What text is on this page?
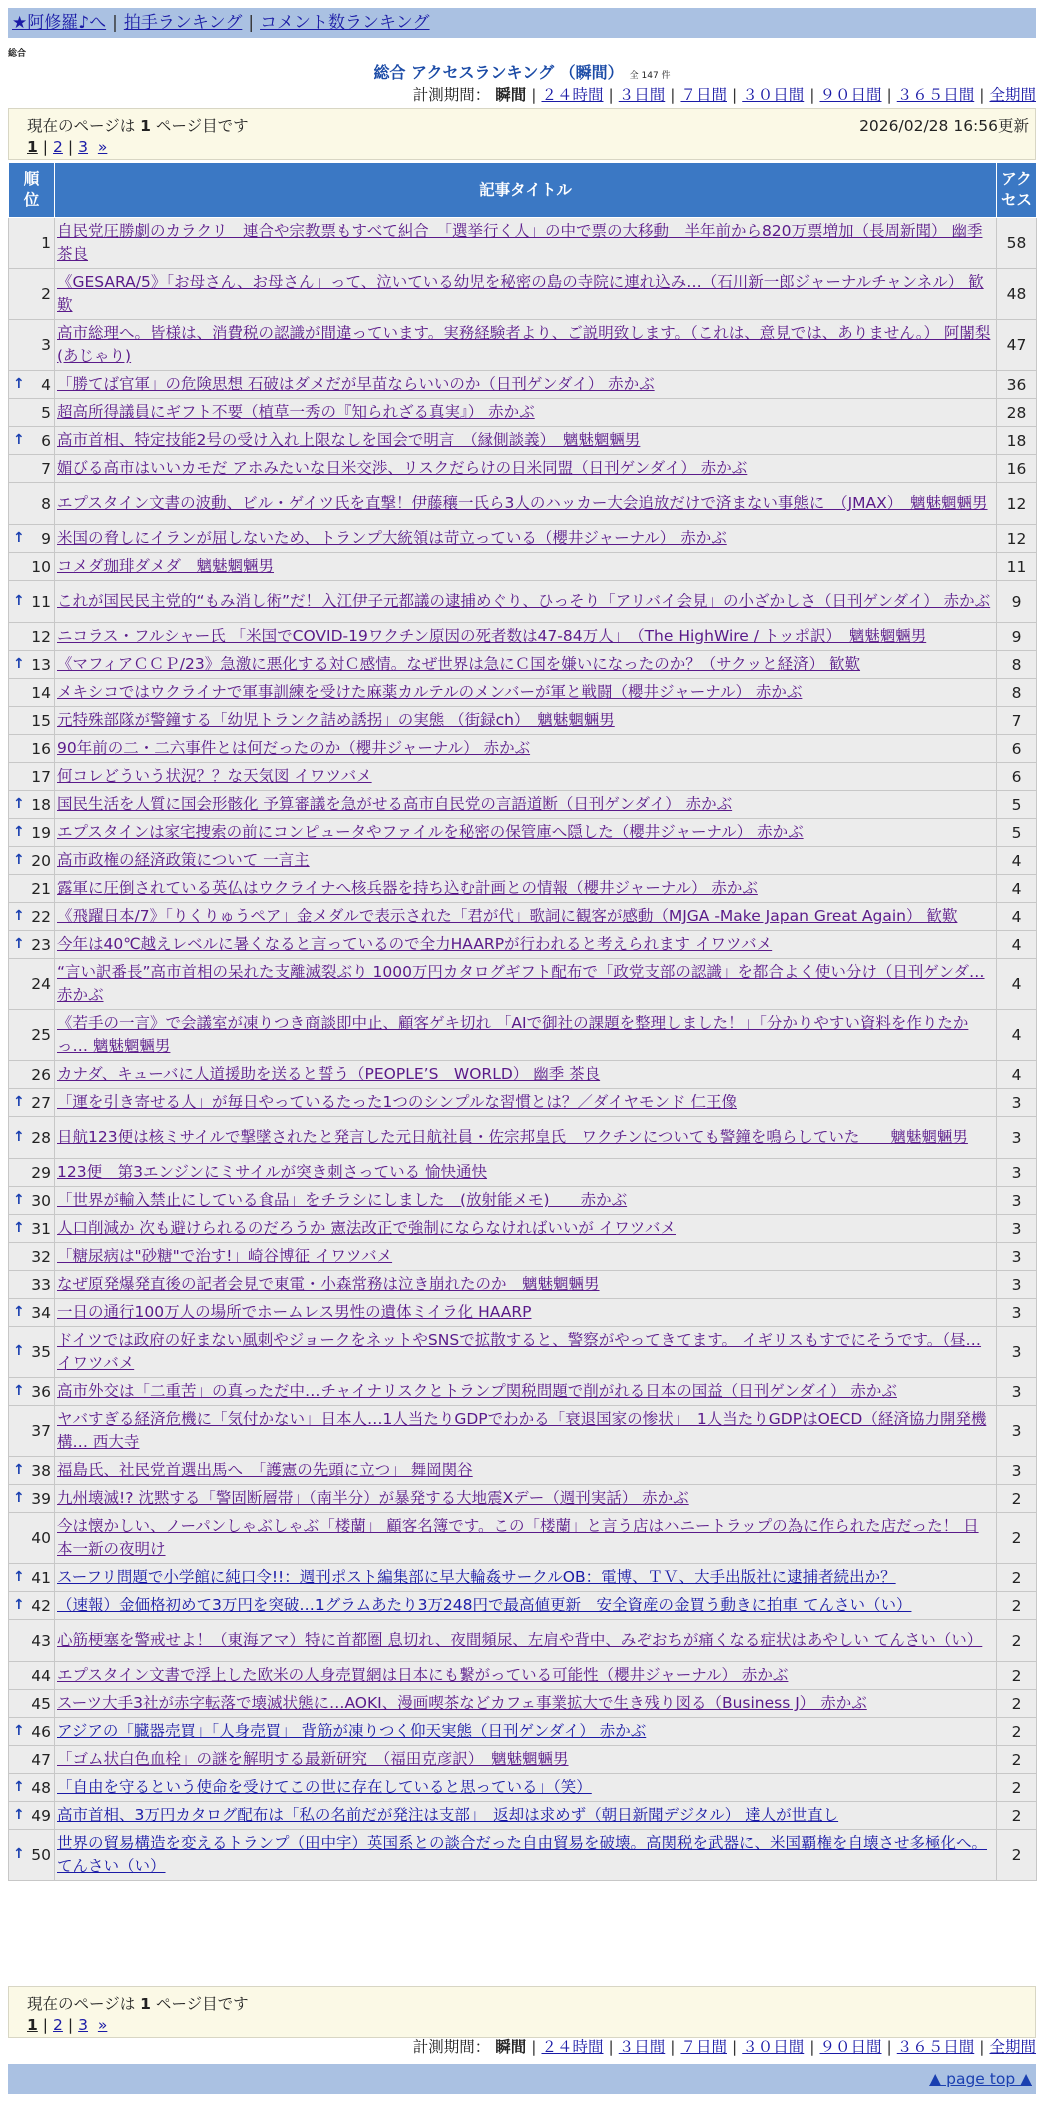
★阿修羅♪へ | 拍手ランキング | コメント数ランキング
総合
総合 アクセスランキング （瞬間） 全 147 件
計測期間： 瞬間 | ２４時間 | ３日間 | ７日間 | ３０日間 | ９０日間 | ３６５日間 | 全期間
現在のページは 1 ページ目です	2026/02/28 16:56更新
1 | 2 | 3 »
順位	記事タイトル	アクセス
1	自民党圧勝劇のカラクリ　連合や宗教票もすべて糾合　「選挙行く人」の中で票の大移動　半年前から820万票増加（長周新聞） 幽季 茶良	58
2	《GESARA/5》「お母さん、お母さん」って、泣いている幼児を秘密の島の寺院に連れ込み…（石川新一郎ジャーナルチャンネル） 歓歎	48
3	高市総理へ。皆様は、消費税の認識が間違っています。実務経験者より、ご説明致します。（これは、意見では、ありません。） 阿闍梨(あじゃり)	47

↑ 4	「勝てば官軍」の危険思想 石破はダメだが早苗ならいいのか（日刊ゲンダイ） 赤かぶ	36
5	超高所得議員にギフト不要（植草一秀の『知られざる真実』） 赤かぶ	28

↑ 6	高市首相、特定技能2号の受け入れ上限なしを国会で明言　（縁側談義）　魑魅魍魎男	18
7	媚びる高市はいいカモだ アホみたいな日米交渉、リスクだらけの日米同盟（日刊ゲンダイ） 赤かぶ	16
8	エプスタイン文書の波動、ビル・ゲイツ氏を直撃！伊藤穰一氏ら3人のハッカー大会追放だけで済まない事態に　（JMAX）　魑魅魍魎男	12

↑ 9	米国の脅しにイランが屈しないため、トランプ大統領は苛立っている（櫻井ジャーナル） 赤かぶ	12
10	コメダ珈琲ダメダ　魑魅魍魎男	11

↑ 11	これが国民民主党的“もみ消し術”だ！入江伊子元都議の逮捕めぐり、ひっそり「アリバイ会見」の小ざかしさ（日刊ゲンダイ） 赤かぶ	9
12	ニコラス・フルシャー氏 「米国でCOVID-19ワクチン原因の死者数は47-84万人」　（The HighWire / トッポ訳）　魑魅魍魎男	9

↑ 13	《マフィアＣＣＰ/23》急激に悪化する対Ｃ感情。なぜ世界は急にＣ国を嫌いになったのか？（サクッと経済） 歓歎	8
14	メキシコではウクライナで軍事訓練を受けた麻薬カルテルのメンバーが軍と戦闘（櫻井ジャーナル） 赤かぶ	8
15	元特殊部隊が警鐘する「幼児トランク詰め誘拐」の実態 （街録ch）　魑魅魍魎男	7
16	90年前の二・二六事件とは何だったのか（櫻井ジャーナル） 赤かぶ	6
17	何コレどういう状況？？な天気図 イワツバメ	6

↑ 18	国民生活を人質に国会形骸化 予算審議を急がせる高市自民党の言語道断（日刊ゲンダイ） 赤かぶ	5

↑ 19	エプスタインは家宅捜索の前にコンピュータやファイルを秘密の保管庫へ隠した（櫻井ジャーナル） 赤かぶ	5

↑ 20	高市政権の経済政策について 一言主	4
21	露軍に圧倒されている英仏はウクライナへ核兵器を持ち込む計画との情報（櫻井ジャーナル） 赤かぶ	4

↑ 22	《飛躍日本/7》「りくりゅうペア」金メダルで表示された「君が代」歌詞に観客が感動（MJGA -Make Japan Great Again） 歓歎	4

↑ 23	今年は40℃越えレベルに暑くなると言っているので全力HAARPが行われると考えられます イワツバメ	4
24	“言い訳番長”高市首相の呆れた支離滅裂ぶり 1000万円カタログギフト配布で「政党支部の認識」を都合よく使い分け（日刊ゲンダ… 赤かぶ	4
25	《若手の一言》で会議室が凍りつき商談即中止、顧客ゲキ切れ 「AIで御社の課題を整理しました！」「分かりやすい資料を作りたかっ… 魑魅魍魎男	4
26	カナダ、キューバに人道援助を送ると誓う（PEOPLE’S　WORLD） 幽季 茶良	4

↑ 27	「運を引き寄せる人」が毎日やっているたった1つのシンプルな習慣とは？／ダイヤモンド 仁王像	3

↑ 28	日航123便は核ミサイルで撃墜されたと発言した元日航社員・佐宗邦皇氏　ワクチンについても警鐘を鳴らしていた　　魑魅魍魎男	3
29	123便　第3エンジンにミサイルが突き刺さっている 愉快通快	3

↑ 30	「世界が輸入禁止にしている食品」をチラシにしました　(放射能メモ)　　赤かぶ	3

↑ 31	人口削減か 次も避けられるのだろうか 憲法改正で強制にならなければいいが イワツバメ	3
32	「糖尿病は"砂糖"で治す!」崎谷博征 イワツバメ	3
33	なぜ原発爆発直後の記者会見で東電・小森常務は泣き崩れたのか　魑魅魍魎男	3

↑ 34	一日の通行100万人の場所でホームレス男性の遺体ミイラ化 HAARP	3

↑ 35	ドイツでは政府の好まない風刺やジョークをネットやSNSで拡散すると、警察がやってきてます。 イギリスもすでにそうです。（昼… イワツバメ	3

↑ 36	高市外交は「二重苦」の真っただ中…チャイナリスクとトランプ関税問題で削がれる日本の国益（日刊ゲンダイ） 赤かぶ	3
37	ヤバすぎる経済危機に「気付かない」日本人…1人当たりGDPでわかる「衰退国家の惨状」　1人当たりGDPはOECD（経済協力開発機構… 西大寺	3

↑ 38	福島氏、社民党首選出馬へ　「護憲の先頭に立つ」 舞岡関谷	3

↑ 39	九州壊滅!? 沈黙する「警固断層帯」（南半分）が暴発する大地震Xデー（週刊実話） 赤かぶ	2
40	今は懐かしい、ノーパンしゃぶしゃぶ「楼蘭」 顧客名簿です。この「楼蘭」と言う店はハニートラップの為に作られた店だった！ 日本一新の夜明け	2

↑ 41	スーフリ問題で小学館に純口令!!：週刊ポスト編集部に早大輪姦サークルOB：電博、ＴＶ、大手出版社に逮捕者続出か？	2

↑ 42	（速報）金価格初めて3万円を突破…1グラムあたり3万248円で最高値更新　安全資産の金買う動きに拍車 てんさい（い）	2
43	心筋梗塞を警戒せよ！（東海アマ）特に首都圏 息切れ、夜間頻尿、左肩や背中、みぞおちが痛くなる症状はあやしい てんさい（い）	2
44	エプスタイン文書で浮上した欧米の人身売買網は日本にも繋がっている可能性（櫻井ジャーナル） 赤かぶ	2
45	スーツ大手3社が赤字転落で壊滅状態に…AOKI、漫画喫茶などカフェ事業拡大で生き残り図る（Business J） 赤かぶ	2

↑ 46	アジアの「臓器売買」「人身売買」 背筋が凍りつく仰天実態（日刊ゲンダイ） 赤かぶ	2
47	「ゴム状白色血栓」の謎を解明する最新研究　（福田克彦訳）　魑魅魍魎男	2

↑ 48	「自由を守るという使命を受けてこの世に存在していると思っている」（笑）	2

↑ 49	高市首相、3万円カタログ配布は「私の名前だが発注は支部」　返却は求めず（朝日新聞デジタル） 達人が世直し	2

↑ 50	世界の貿易構造を変えるトランプ（田中宇）英国系との談合だった自由貿易を破壊。高関税を武器に、米国覇権を自壊させ多極化へ。 てんさい（い）	2
現在のページは 1 ページ目です
1 | 2 | 3 »
計測期間： 瞬間 | ２４時間 | ３日間 | ７日間 | ３０日間 | ９０日間 | ３６５日間 | 全期間
▲ page top ▲
